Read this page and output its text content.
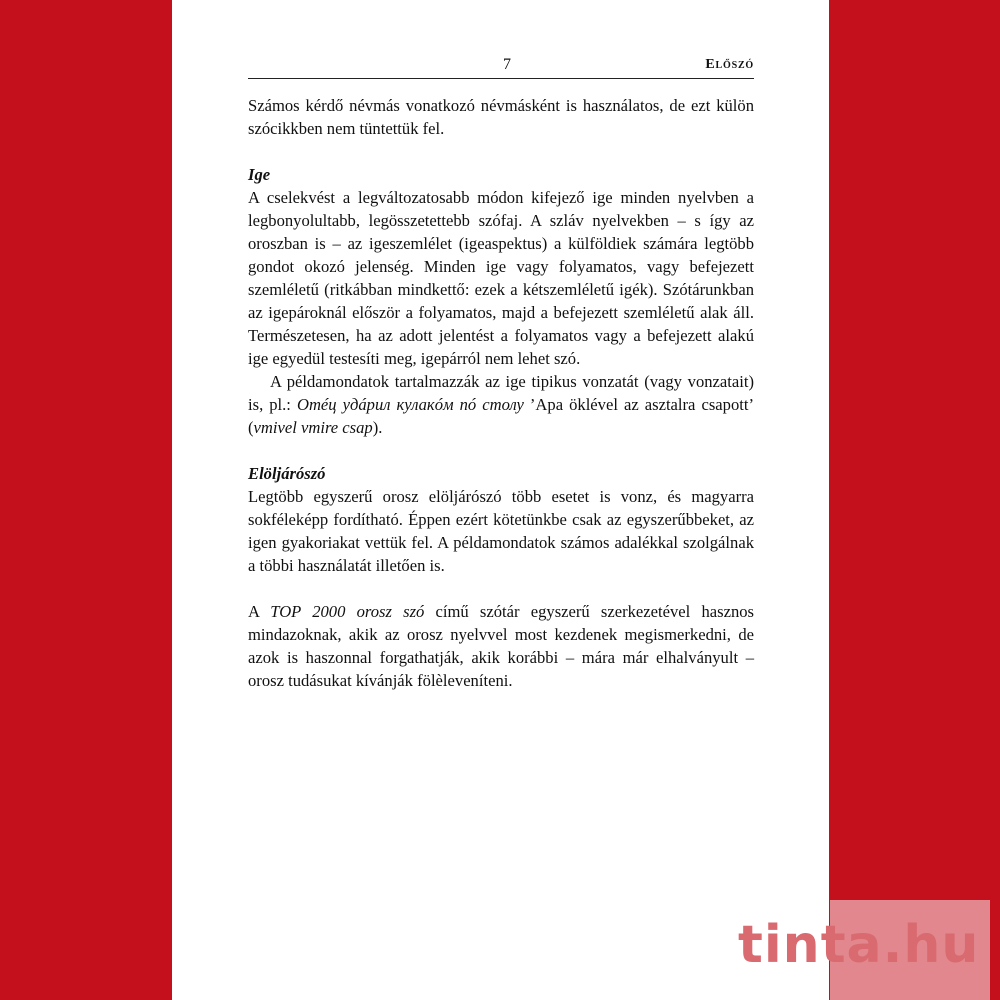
7	Előszó

Számos kérdő névmás vonatkozó névmásként is használatos, de ezt külön szócikkben nem tüntettük fel.

Ige

A cselekvést a legváltozatosabb módon kifejező ige minden nyelvben a legbonyolultabb, legösszetettebb szófaj. A szláv nyelvekben – s így az oroszban is – az igeszemlélet (igeaspektus) a külföldiek számára legtöbb gondot okozó jelenség. Minden ige vagy folyamatos, vagy befejezett szemléletű (ritkábban mindkettő: ezek a kétszemléletű igék). Szótárunkban az igepároknál először a folyamatos, majd a befejezett szemléletű alak áll. Természetesen, ha az adott jelentést a folyamatos vagy a befejezett alakú ige egyedül testesíti meg, igepárról nem lehet szó.

A példamondatok tartalmazzák az ige tipikus vonzatát (vagy vonzatait) is, pl.: Отéц удáрил кулакóм пó столу ’Apa öklével az asztalra csapott’ (vmivel vmire csap).

Elöljárószó

Legtöbb egyszerű orosz elöljárószó több esetet is vonz, és magyarra sokféleképp fordítható. Éppen ezért kötetünkbe csak az egyszerűbbeket, az igen gyakoriakat vettük fel. A példamondatok számos adalékkal szolgálnak a többi használatát illetően is.

A TOP 2000 orosz szó című szótár egyszerű szerkezetével hasznos mindazoknak, akik az orosz nyelvvel most kezdenek megismerkedni, de azok is haszonnal forgathatják, akik korábbi – mára már elhalványult – orosz tudásukat kívánják fölèleveníteni.

tinta.hu
